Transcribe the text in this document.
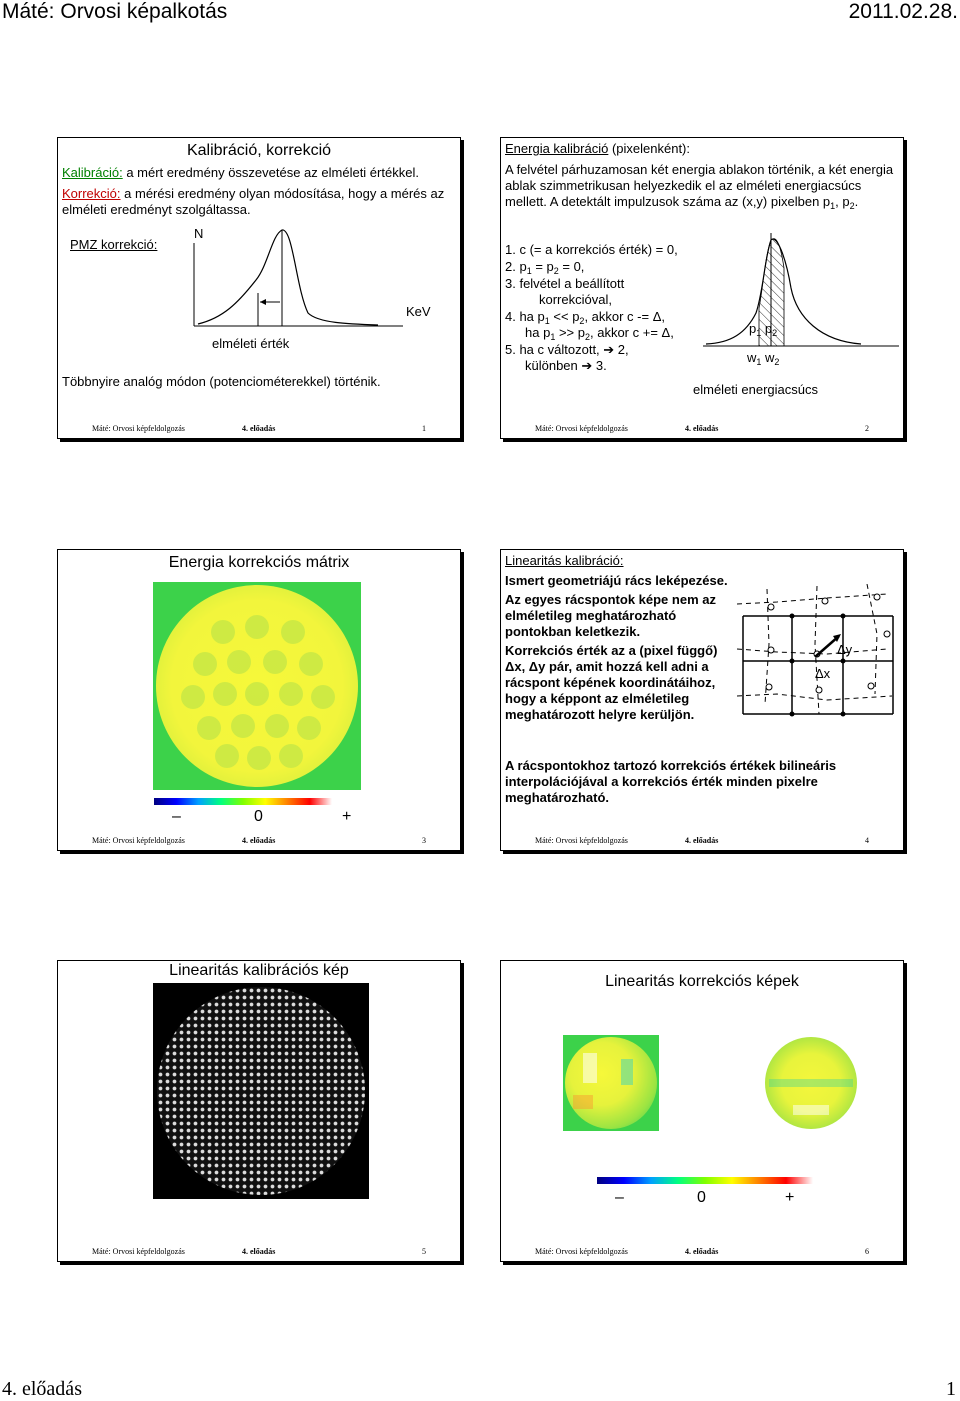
Máté: Orvosi képalkotás	2011.02.28.
Kalibráció, korrekció
Kalibráció: a mért eredmény összevetése az elméleti értékkel.
Korrekció: a mérési eredmény olyan módosítása, hogy a mérés az elméleti eredményt szolgáltassa.
PMZ korrekció:
N
KeV
elméleti érték
Többnyire analóg módon (potenciométerekkel) történik.
Máté: Orvosi képfeldolgozás	4. előadás	1
Energia kalibráció (pixelenként):
A felvétel párhuzamosan két energia ablakon történik, a két energia ablak szimmetrikusan helyezkedik el az elméleti energiacsúcs mellett. A detektált impulzusok száma az (x,y) pixelben $p_1$, $p_2$.
1. c (= a korrekciós érték) = 0,
2. $p_1 = p_2 = 0$,
3. felvétel a beállított
korrekcióval,
4. ha $p_1 << p_2$, akkor c -= Δ,
ha $p_1 >> p_2$, akkor c += Δ,
5. ha c változott, ➔ 2,
különben ➔ 3.
$p_1$ $p_2$
$w_1$ $w_2$
elméleti energiacsúcs
Máté: Orvosi képfeldolgozás	4. előadás	2
Energia korrekciós mátrix
–	0	+
Máté: Orvosi képfeldolgozás	4. előadás	3
Linearitás kalibráció:
Ismert geometriájú rács leképezése.
Az egyes rácspontok képe nem az elméletileg meghatározható pontokban keletkezik.
Korrekciós érték az a (pixel függő) Δx, Δy pár, amit hozzá kell adni a rácspont képének koordinátáihoz, hogy a képpont az elméletileg meghatározott helyre kerüljön.
Δy
Δx
A rácspontokhoz tartozó korrekciós értékek bilineáris interpolációjával a korrekciós érték minden pixelre meghatározható.
Máté: Orvosi képfeldolgozás	4. előadás	4
Linearitás kalibrációs kép
Máté: Orvosi képfeldolgozás	4. előadás	5
Linearitás korrekciós képek
–	0	+
Máté: Orvosi képfeldolgozás	4. előadás	6
4. előadás	1
